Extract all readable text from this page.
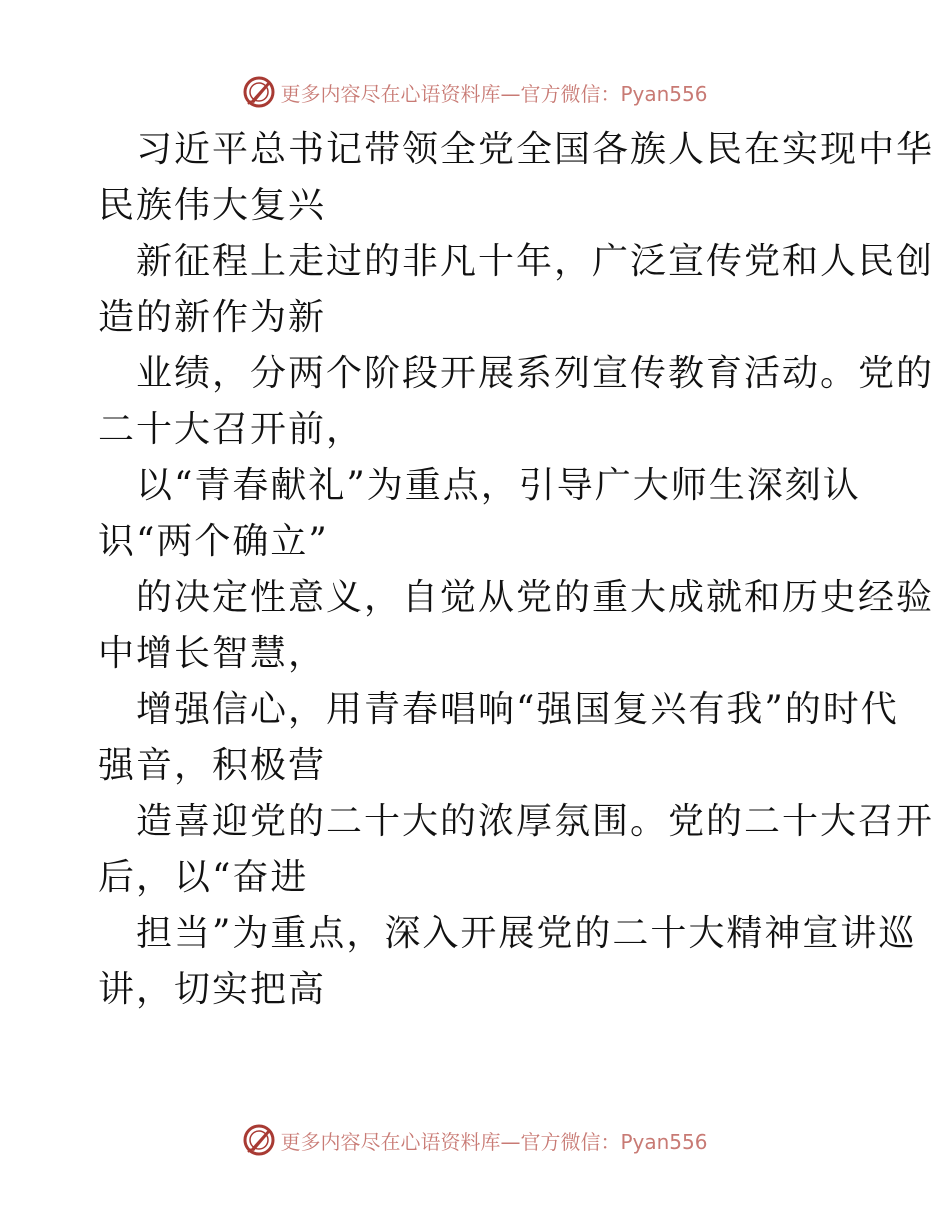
更多内容尽在心语资料库—官方微信：Pyan556
习近平总书记带领全党全国各族人民在实现中华
民族伟大复兴
新征程上走过的非凡十年，广泛宣传党和人民创
造的新作为新
业绩，分两个阶段开展系列宣传教育活动。党的
二十大召开前，
以“青春献礼”为重点，引导广大师生深刻认
识“两个确立”
的决定性意义，自觉从党的重大成就和历史经验
中增长智慧，
增强信心，用青春唱响“强国复兴有我”的时代
强音，积极营
造喜迎党的二十大的浓厚氛围。党的二十大召开
后，以“奋进
担当”为重点，深入开展党的二十大精神宣讲巡
讲，切实把高
更多内容尽在心语资料库—官方微信：Pyan556
